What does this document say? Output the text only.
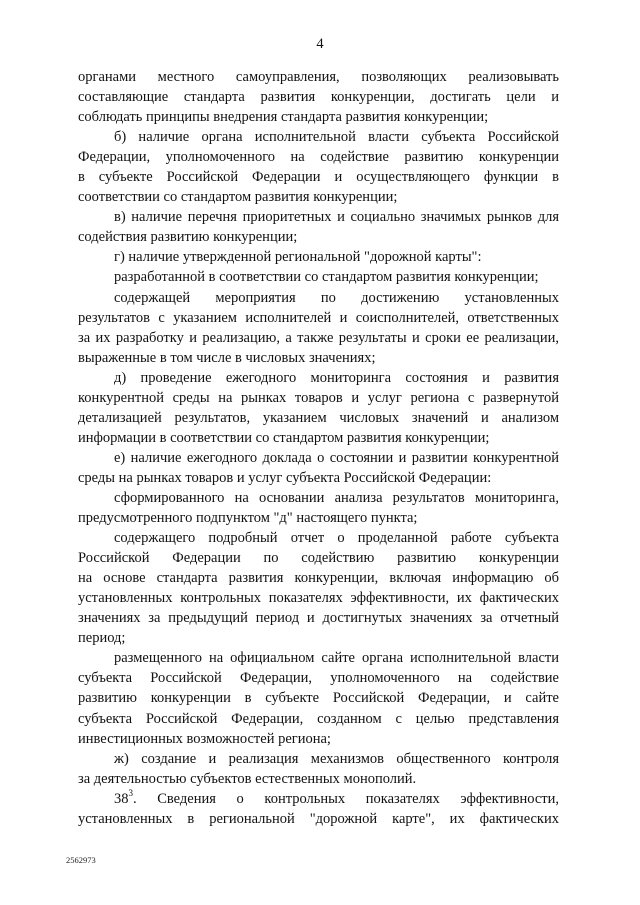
4
органами местного самоуправления, позволяющих реализовывать
составляющие стандарта развития конкуренции, достигать цели и
соблюдать принципы внедрения стандарта развития конкуренции;
б) наличие органа исполнительной власти субъекта Российской
Федерации, уполномоченного на содействие развитию конкуренции
в субъекте Российской Федерации и осуществляющего функции в
соответствии со стандартом развития конкуренции;
в) наличие перечня приоритетных и социально значимых рынков для
содействия развитию конкуренции;
г) наличие утвержденной региональной "дорожной карты":
разработанной в соответствии со стандартом развития конкуренции;
содержащей мероприятия по достижению установленных
результатов с указанием исполнителей и соисполнителей, ответственных
за их разработку и реализацию, а также результаты и сроки ее реализации,
выраженные в том числе в числовых значениях;
д) проведение ежегодного мониторинга состояния и развития
конкурентной среды на рынках товаров и услуг региона с развернутой
детализацией результатов, указанием числовых значений и анализом
информации в соответствии со стандартом развития конкуренции;
е) наличие ежегодного доклада о состоянии и развитии конкурентной
среды на рынках товаров и услуг субъекта Российской Федерации:
сформированного на основании анализа результатов мониторинга,
предусмотренного подпунктом "д" настоящего пункта;
содержащего подробный отчет о проделанной работе субъекта
Российской Федерации по содействию развитию конкуренции
на основе стандарта развития конкуренции, включая информацию об
установленных контрольных показателях эффективности, их фактических
значениях за предыдущий период и достигнутых значениях за отчетный
период;
размещенного на официальном сайте органа исполнительной власти
субъекта Российской Федерации, уполномоченного на содействие
развитию конкуренции в субъекте Российской Федерации, и сайте
субъекта Российской Федерации, созданном с целью представления
инвестиционных возможностей региона;
ж) создание и реализация механизмов общественного контроля
за деятельностью субъектов естественных монополий.
$38^3$. Сведения о контрольных показателях эффективности,
установленных в региональной "дорожной карте", их фактических
2562973
